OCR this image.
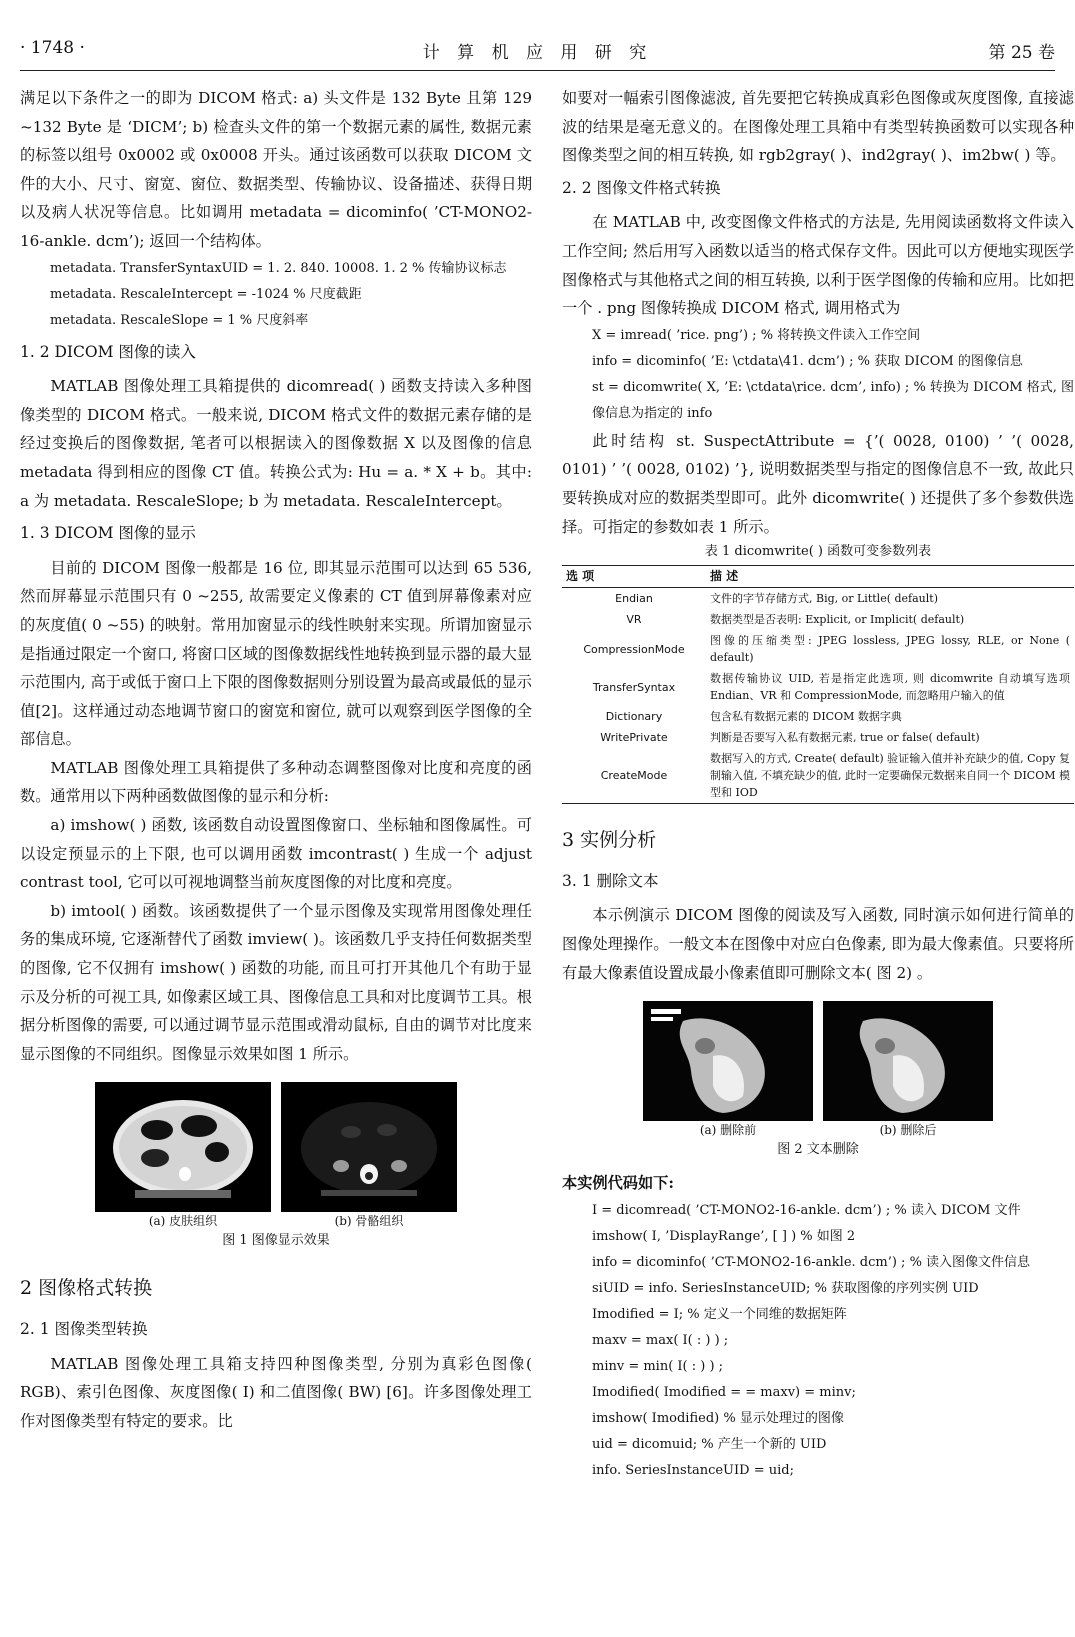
· 1748 ·	计 算 机 应 用 研 究	第 25 卷

满足以下条件之一的即为 DICOM 格式: a) 头文件是 132 Byte 且第 129 ~132 Byte 是 ‘DICM’; b) 检查头文件的第一个数据元素的属性, 数据元素的标签以组号 0x0002 或 0x0008 开头。通过该函数可以获取 DICOM 文件的大小、尺寸、窗宽、窗位、数据类型、传输协议、设备描述、获得日期以及病人状况等信息。比如调用 metadata = dicominfo( ’CT-MONO2-16-ankle. dcm’); 返回一个结构体。

metadata. TransferSyntaxUID = 1. 2. 840. 10008. 1. 2 % 传输协议标志
metadata. RescaleIntercept = -1024 % 尺度截距
metadata. RescaleSlope = 1 % 尺度斜率
1. 2 DICOM 图像的读入

MATLAB 图像处理工具箱提供的 dicomread( ) 函数支持读入多种图像类型的 DICOM 格式。一般来说, DICOM 格式文件的数据元素存储的是经过变换后的图像数据, 笔者可以根据读入的图像数据 X 以及图像的信息 metadata 得到相应的图像 CT 值。转换公式为: Hu = a. * X + b。其中: a 为 metadata. RescaleSlope; b 为 metadata. RescaleIntercept。

1. 3 DICOM 图像的显示

目前的 DICOM 图像一般都是 16 位, 即其显示范围可以达到 65 536, 然而屏幕显示范围只有 0 ~255, 故需要定义像素的 CT 值到屏幕像素对应的灰度值( 0 ~55) 的映射。常用加窗显示的线性映射来实现。所谓加窗显示是指通过限定一个窗口, 将窗口区域的图像数据线性地转换到显示器的最大显示范围内, 高于或低于窗口上下限的图像数据则分别设置为最高或最低的显示值[2]。这样通过动态地调节窗口的窗宽和窗位, 就可以观察到医学图像的全部信息。

MATLAB 图像处理工具箱提供了多种动态调整图像对比度和亮度的函数。通常用以下两种函数做图像的显示和分析:

a) imshow( ) 函数, 该函数自动设置图像窗口、坐标轴和图像属性。可以设定预显示的上下限, 也可以调用函数 imcontrast( ) 生成一个 adjust contrast tool, 它可以可视地调整当前灰度图像的对比度和亮度。

b) imtool( ) 函数。该函数提供了一个显示图像及实现常用图像处理任务的集成环境, 它逐渐替代了函数 imview( )。该函数几乎支持任何数据类型的图像, 它不仅拥有 imshow( ) 函数的功能, 而且可打开其他几个有助于显示及分析的可视工具, 如像素区域工具、图像信息工具和对比度调节工具。根据分析图像的需要, 可以通过调节显示范围或滑动鼠标, 自由的调节对比度来显示图像的不同组织。图像显示效果如图 1 所示。

(a) 皮肤组织	(b) 骨骼组织
图 1 图像显示效果
2 图像格式转换
2. 1 图像类型转换

MATLAB 图像处理工具箱支持四种图像类型, 分别为真彩色图像( RGB)、索引色图像、灰度图像( I) 和二值图像( BW) [6]。许多图像处理工作对图像类型有特定的要求。比

如要对一幅索引图像滤波, 首先要把它转换成真彩色图像或灰度图像, 直接滤波的结果是毫无意义的。在图像处理工具箱中有类型转换函数可以实现各种图像类型之间的相互转换, 如 rgb2gray( )、ind2gray( )、im2bw( ) 等。

2. 2 图像文件格式转换

在 MATLAB 中, 改变图像文件格式的方法是, 先用阅读函数将文件读入工作空间; 然后用写入函数以适当的格式保存文件。因此可以方便地实现医学图像格式与其他格式之间的相互转换, 以利于医学图像的传输和应用。比如把一个 . png 图像转换成 DICOM 格式, 调用格式为

X = imread( ’rice. png’) ; % 将转换文件读入工作空间
info = dicominfo( ’E: \ctdata\41. dcm’) ; % 获取 DICOM 的图像信息
st = dicomwrite( X, ’E: \ctdata\rice. dcm’, info) ; % 转换为 DICOM 格式, 图像信息为指定的 info

此时结构 st. SuspectAttribute = {’( 0028, 0100) ’ ’( 0028, 0101) ’ ’( 0028, 0102) ’}, 说明数据类型与指定的图像信息不一致, 故此只要转换成对应的数据类型即可。此外 dicomwrite( ) 还提供了多个参数供选择。可指定的参数如表 1 所示。

表 1 dicomwrite( ) 函数可变参数列表
选 项	描 述
Endian	文件的字节存储方式, Big, or Little( default)
VR	数据类型是否表明: Explicit, or Implicit( default)
CompressionMode	图像的压缩类型: JPEG lossless, JPEG lossy, RLE, or None ( default)
TransferSyntax	数据传输协议 UID, 若是指定此选项, 则 dicomwrite 自动填写选项 Endian、VR 和 CompressionMode, 而忽略用户输入的值
Dictionary	包含私有数据元素的 DICOM 数据字典
WritePrivate	判断是否要写入私有数据元素, true or false( default)
CreateMode	数据写入的方式, Create( default) 验证输入值并补充缺少的值, Copy 复制输入值, 不填充缺少的值, 此时一定要确保元数据来自同一个 DICOM 模型和 IOD
3 实例分析
3. 1 删除文本

本示例演示 DICOM 图像的阅读及写入函数, 同时演示如何进行简单的图像处理操作。一般文本在图像中对应白色像素, 即为最大像素值。只要将所有最大像素值设置成最小像素值即可删除文本( 图 2) 。

(a) 删除前	(b) 删除后
图 2 文本删除
本实例代码如下:
I = dicomread( ’CT-MONO2-16-ankle. dcm’) ; % 读入 DICOM 文件
imshow( I, ’DisplayRange’, [ ] ) % 如图 2
info = dicominfo( ’CT-MONO2-16-ankle. dcm’) ; % 读入图像文件信息
siUID = info. SeriesInstanceUID; % 获取图像的序列实例 UID
Imodified = I; % 定义一个同维的数据矩阵
maxv = max( I( : ) ) ;
minv = min( I( : ) ) ;
Imodified( Imodified = = maxv) = minv;
imshow( Imodified) % 显示处理过的图像
uid = dicomuid; % 产生一个新的 UID
info. SeriesInstanceUID = uid;
